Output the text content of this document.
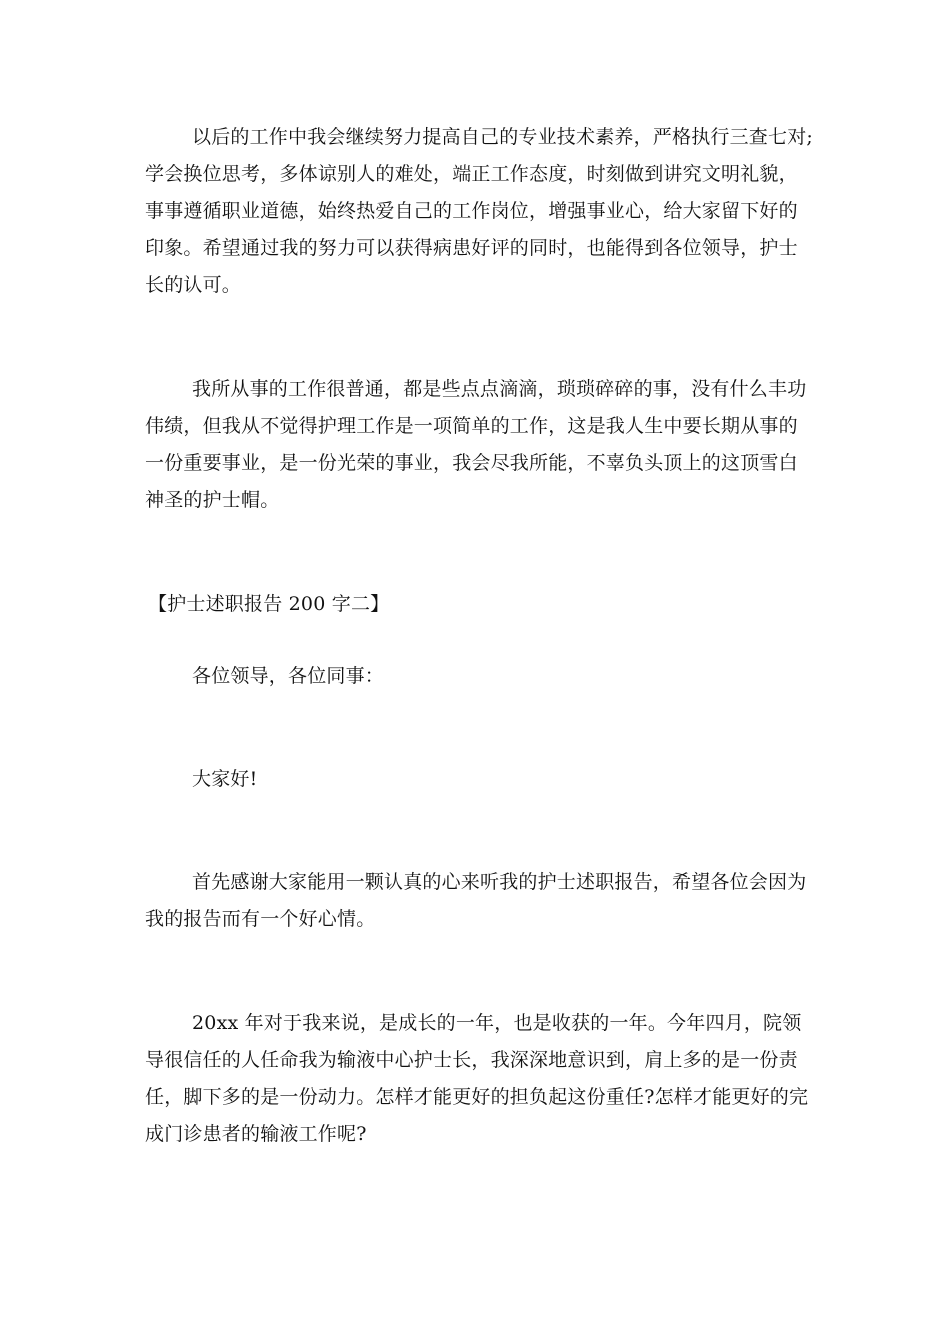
以后的工作中我会继续努力提高自己的专业技术素养，严格执行三查七对;
学会换位思考，多体谅别人的难处，端正工作态度，时刻做到讲究文明礼貌，
事事遵循职业道德，始终热爱自己的工作岗位，增强事业心，给大家留下好的
印象。希望通过我的努力可以获得病患好评的同时，也能得到各位领导，护士
长的认可。
我所从事的工作很普通，都是些点点滴滴，琐琐碎碎的事，没有什么丰功
伟绩，但我从不觉得护理工作是一项简单的工作，这是我人生中要长期从事的
一份重要事业，是一份光荣的事业，我会尽我所能，不辜负头顶上的这顶雪白
神圣的护士帽。
【护士述职报告 200 字二】
各位领导，各位同事：
大家好!
首先感谢大家能用一颗认真的心来听我的护士述职报告，希望各位会因为
我的报告而有一个好心情。
20xx 年对于我来说，是成长的一年，也是收获的一年。今年四月，院领
导很信任的人任命我为输液中心护士长，我深深地意识到，肩上多的是一份责
任，脚下多的是一份动力。怎样才能更好的担负起这份重任?怎样才能更好的完
成门诊患者的输液工作呢?
